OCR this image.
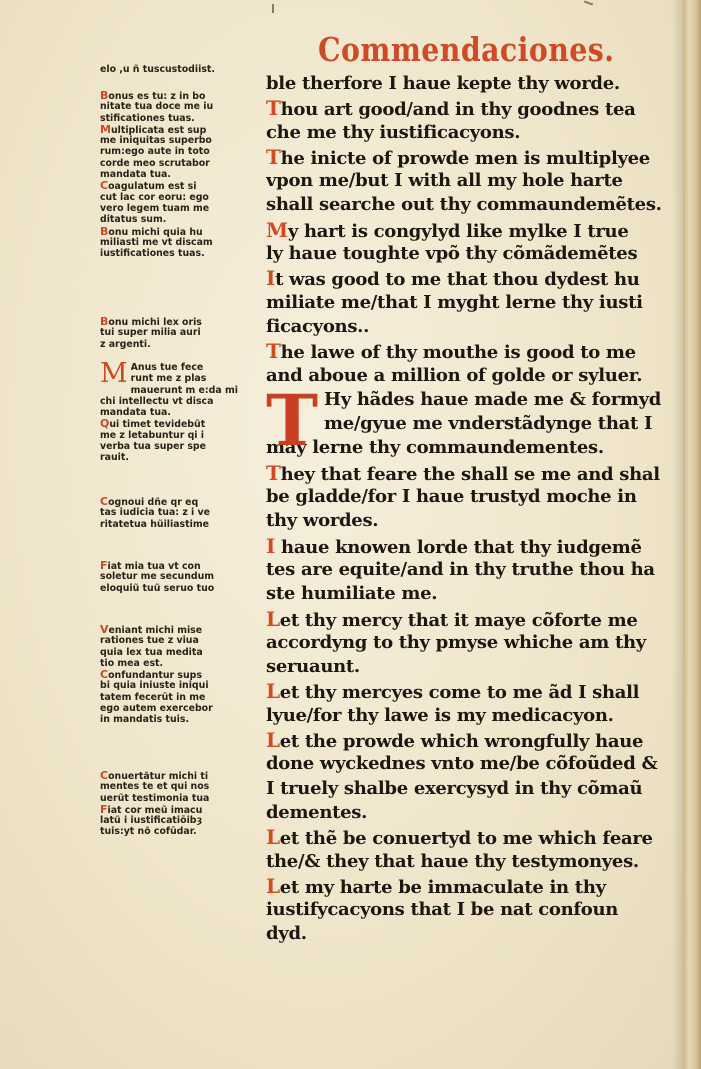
Commendaciones.
elo ,u ñ tuscustodiist.
Bonus es tu: z in bo
nitate tua doce me iu
stificationes tuas.
Multiplicata est sup
me iniquitas superbo
rum:ego aute in toto
corde meo scrutabor
mandata tua.
Coagulatum est si
cut lac cor eoru: ego
vero legem tuam me
ditatus sum.
Bonu michi quia hu
miliasti me vt discam
iustificationes tuas.
Bonu michi lex oris
tui super milia auri
z argenti.
M Anus tue fece
runt me z plas
mauerunt m e:da mi
chi intellectu vt disca
mandata tua.
Qui timet tevidebũt
me z letabuntur qi i
verba tua super spe
rauit.
Cognoui dñe qr eq
tas iudicia tua: z i ve
ritatetua hũiliastime
Fiat mia tua vt con
soletur me secundum
eloquiũ tuũ seruo tuo
Veniant michi mise
rationes tue z viua
quia lex tua medita
tio mea est.
Confundantur sups
bi quia iniuste iniqui
tatem fecerūt in me
ego autem exercebor
in mandatis tuis.
Conuertãtur michi ti
mentes te et qui nos
uerũt testimonia tua
Fiat cor meũ imacu
latũ i iustificatiōibȝ
tuis:yt nõ cofūdar.
T
ble therfore I haue kepte thy worde.
Thou art good/and in thy goodnes tea
che me thy iustificacyons.
The inicte of prowde men is multiplyee
vpon me/but I with all my hole harte
shall searche out thy commaundemẽtes.
My hart is congylyd like mylke I true
ly haue toughte vpõ thy cõmãdemẽtes
It was good to me that thou dydest hu
miliate me/that I myght lerne thy iusti
ficacyons..
The lawe of thy mouthe is good to me
and aboue a million of golde or syluer.
Hy hãdes haue made me & formyd
me/gyue me vnderstãdynge that I
may lerne thy commaundementes.
They that feare the shall se me and shal
be gladde/for I haue trustyd moche in
thy wordes.
I haue knowen lorde that thy iudgemẽ
tes are equite/and in thy truthe thou ha
ste humiliate me.
Let thy mercy that it maye cõforte me
accordyng to thy pmyse whiche am thy
seruaunt.
Let thy mercyes come to me ãd I shall
lyue/for thy lawe is my medicacyon.
Let the prowde which wrongfully haue
done wyckednes vnto me/be cõfoũded &
I truely shalbe exercysyd in thy cõmaũ
dementes.
Let thẽ be conuertyd to me which feare
the/& they that haue thy testymonyes.
Let my harte be immaculate in thy
iustifycacyons that I be nat confoun
dyd.
